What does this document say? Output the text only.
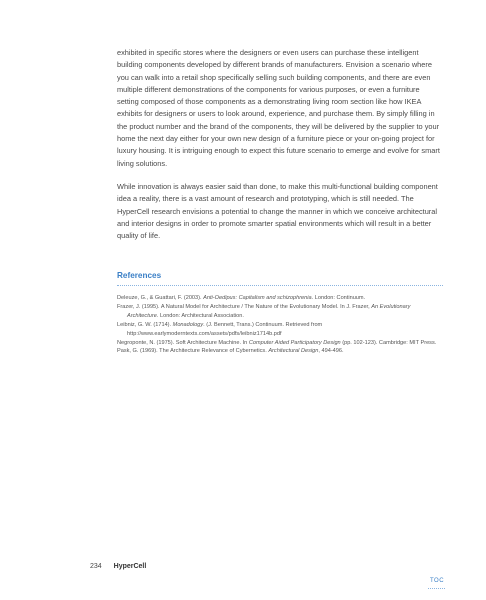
exhibited in specific stores where the designers or even users can purchase these intelligent building components developed by different brands of manufacturers. Envision a scenario where you can walk into a retail shop specifically selling such building components, and there are even multiple different demonstrations of the components for various purposes, or even a furniture setting composed of those components as a demonstrating living room section like how IKEA exhibits for designers or users to look around, experience, and purchase them. By simply filling in the product number and the brand of the components, they will be delivered by the supplier to your home the next day either for your own new design of a furniture piece or your on-going project for luxury housing. It is intriguing enough to expect this future scenario to emerge and evolve for smart living solutions.

While innovation is always easier said than done, to make this multi-functional building component idea a reality, there is a vast amount of research and prototyping, which is still needed. The HyperCell research envisions a potential to change the manner in which we conceive architectural and interior designs in order to promote smarter spatial environments which will result in a better quality of life.

References

Deleuze, G., & Guattari, F. (2003). Anti-Oedipus: Capitalism and schizophrenia. London: Continuum.

Frazer, J. (1995). A Natural Model for Architecture / The Nature of the Evolutionary Model. In J. Frazer, An Evolutionary Architecture. London: Architectural Association.

Leibniz, G. W. (1714). Monadology. (J. Bennett, Trans.) Continuum. Retrieved from http://www.earlymoderntexts.com/assets/pdfs/leibniz1714b.pdf

Negroponte, N. (1975). Soft Architecture Machine. In Computer Aided Participatory Design (pp. 102-123). Cambridge: MIT Press.

Pask, G. (1969). The Architecture Relevance of Cybernetics. Architectural Design, 494-496.

234 HyperCell
TOC
